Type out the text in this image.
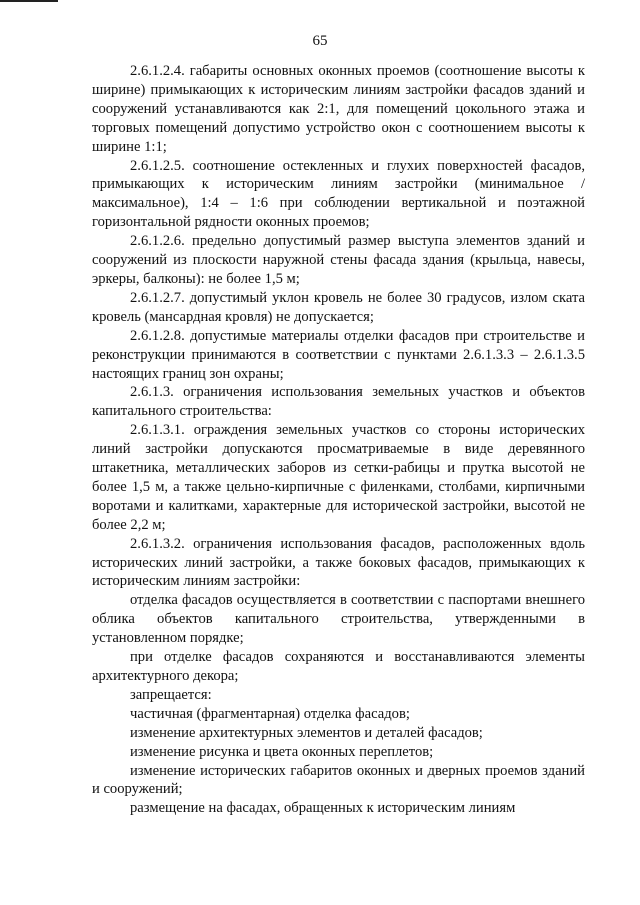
65

2.6.1.2.4. габариты основных оконных проемов (соотношение высоты к ширине) примыкающих к историческим линиям застройки фасадов зданий и сооружений устанавливаются как 2:1, для помещений цокольного этажа и торговых помещений допустимо устройство окон с соотношением высоты к ширине 1:1;

2.6.1.2.5. соотношение остекленных и глухих поверхностей фасадов, примыкающих к историческим линиям застройки (минимальное / максимальное), 1:4 – 1:6 при соблюдении вертикальной и поэтажной горизонтальной рядности оконных проемов;

2.6.1.2.6. предельно допустимый размер выступа элементов зданий и сооружений из плоскости наружной стены фасада здания (крыльца, навесы, эркеры, балконы): не более 1,5 м;

2.6.1.2.7. допустимый уклон кровель не более 30 градусов, излом ската кровель (мансардная кровля) не допускается;

2.6.1.2.8. допустимые материалы отделки фасадов при строительстве и реконструкции принимаются в соответствии с пунктами 2.6.1.3.3 – 2.6.1.3.5 настоящих границ зон охраны;

2.6.1.3. ограничения использования земельных участков и объектов капитального строительства:

2.6.1.3.1. ограждения земельных участков со стороны исторических линий застройки допускаются просматриваемые в виде деревянного штакетника, металлических заборов из сетки-рабицы и прутка высотой не более 1,5 м, а также цельно-кирпичные с филенками, столбами, кирпичными воротами и калитками, характерные для исторической застройки, высотой не более 2,2 м;

2.6.1.3.2. ограничения использования фасадов, расположенных вдоль исторических линий застройки, а также боковых фасадов, примыкающих к историческим линиям застройки:

отделка фасадов осуществляется в соответствии с паспортами внешнего облика объектов капитального строительства, утвержденными в установленном порядке;

при отделке фасадов сохраняются и восстанавливаются элементы архитектурного декора;

запрещается:

частичная (фрагментарная) отделка фасадов;

изменение архитектурных элементов и деталей фасадов;

изменение рисунка и цвета оконных переплетов;

изменение исторических габаритов оконных и дверных проемов зданий и сооружений;

размещение на фасадах, обращенных к историческим линиям
